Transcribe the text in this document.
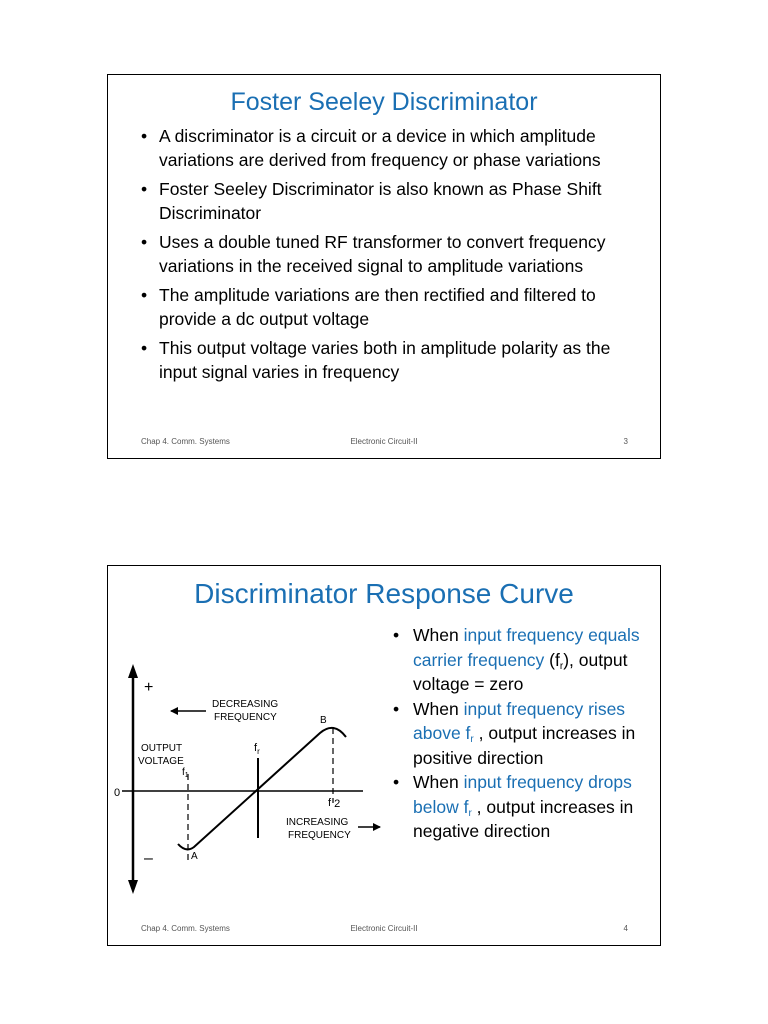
Foster Seeley Discriminator
• A discriminator is a circuit or a device in which amplitude variations are derived from frequency or phase variations
• Foster Seeley Discriminator is also known as Phase Shift Discriminator
• Uses a double tuned RF transformer to convert frequency variations in the received signal to amplitude variations
• The amplitude variations are then rectified and filtered to provide a dc output voltage
• This output voltage varies both in amplitude polarity as the input signal varies in frequency
Chap 4. Comm. Systems	Electronic Circuit-II	3
Discriminator Response Curve
+
–
0
DECREASING
FREQUENCY
OUTPUT
VOLTAGE
$f_1$
$f_r$
f 2
INCREASING
FREQUENCY
A
B
• When input frequency equals carrier frequency $(f_r)$, output voltage = zero
• When input frequency rises above $f_r$ , output increases in positive direction
• When input frequency drops below $f_r$ , output increases in negative direction
Chap 4. Comm. Systems	Electronic Circuit-II	4
